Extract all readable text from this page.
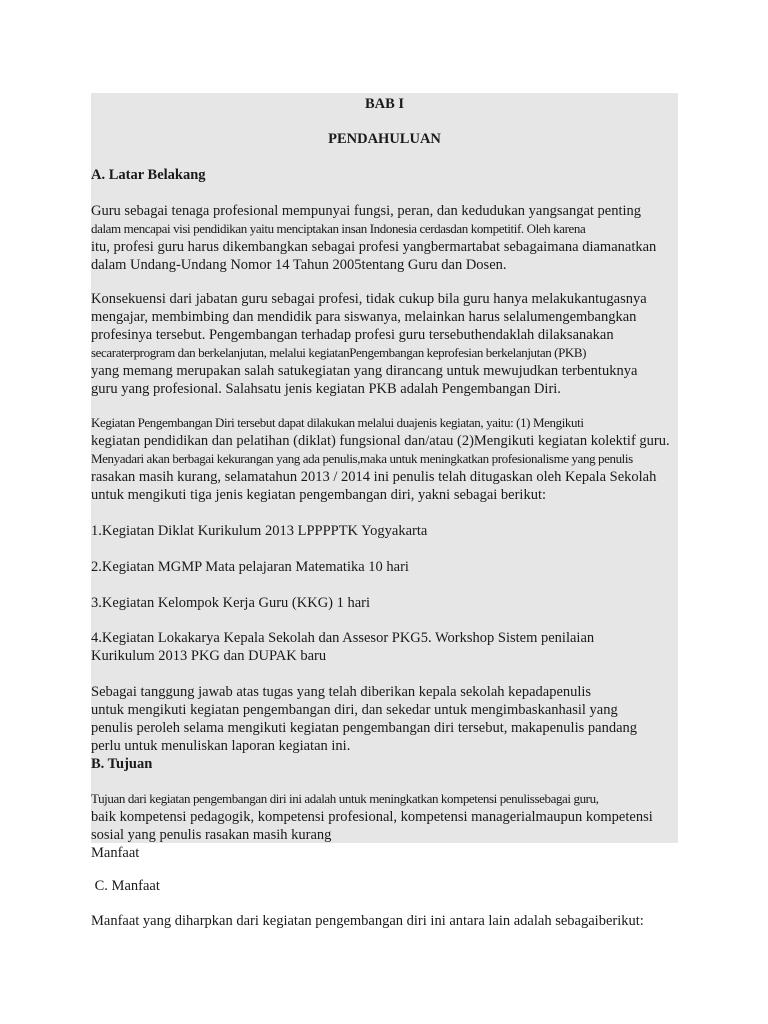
BAB I
PENDAHULUAN
A. Latar Belakang
Guru sebagai tenaga profesional mempunyai fungsi, peran, dan kedudukan yangsangat penting
dalam mencapai visi pendidikan yaitu menciptakan insan Indonesia cerdasdan kompetitif. Oleh karena
itu, profesi guru harus dikembangkan sebagai profesi yangbermartabat sebagaimana diamanatkan
dalam Undang-Undang Nomor 14 Tahun 2005tentang Guru dan Dosen.
Konsekuensi dari jabatan guru sebagai profesi, tidak cukup bila guru hanya melakukantugasnya
mengajar, membimbing dan mendidik para siswanya, melainkan harus selalumengembangkan
profesinya tersebut. Pengembangan terhadap profesi guru tersebuthendaklah dilaksanakan
secaraterprogram dan berkelanjutan, melalui kegiatanPengembangan keprofesian berkelanjutan (PKB)
yang memang merupakan salah satukegiatan yang dirancang untuk mewujudkan terbentuknya
guru yang profesional. Salahsatu jenis kegiatan PKB adalah Pengembangan Diri.
Kegiatan Pengembangan Diri tersebut dapat dilakukan melalui duajenis kegiatan, yaitu: (1) Mengikuti
kegiatan pendidikan dan pelatihan (diklat) fungsional dan/atau (2)Mengikuti kegiatan kolektif guru.
Menyadari akan berbagai kekurangan yang ada penulis,maka untuk meningkatkan profesionalisme yang penulis
rasakan masih kurang, selamatahun 2013 / 2014 ini penulis telah ditugaskan oleh Kepala Sekolah
untuk mengikuti tiga jenis kegiatan pengembangan diri, yakni sebagai berikut:
1.Kegiatan Diklat Kurikulum 2013 LPPPPTK Yogyakarta
2.Kegiatan MGMP Mata pelajaran Matematika 10 hari
3.Kegiatan Kelompok Kerja Guru (KKG) 1 hari
4.Kegiatan Lokakarya Kepala Sekolah dan Assesor PKG5. Workshop Sistem penilaian
Kurikulum 2013 PKG dan DUPAK baru
Sebagai tanggung jawab atas tugas yang telah diberikan kepala sekolah kepadapenulis
untuk mengikuti kegiatan pengembangan diri, dan sekedar untuk mengimbaskanhasil yang
penulis peroleh selama mengikuti kegiatan pengembangan diri tersebut, makapenulis pandang
perlu untuk menuliskan laporan kegiatan ini.
B. Tujuan
Tujuan dari kegiatan pengembangan diri ini adalah untuk meningkatkan kompetensi penulissebagai guru,
baik kompetensi pedagogik, kompetensi profesional, kompetensi managerialmaupun kompetensi
sosial yang penulis rasakan masih kurang
Manfaat
C. Manfaat
Manfaat yang diharpkan dari kegiatan pengembangan diri ini antara lain adalah sebagaiberikut:
